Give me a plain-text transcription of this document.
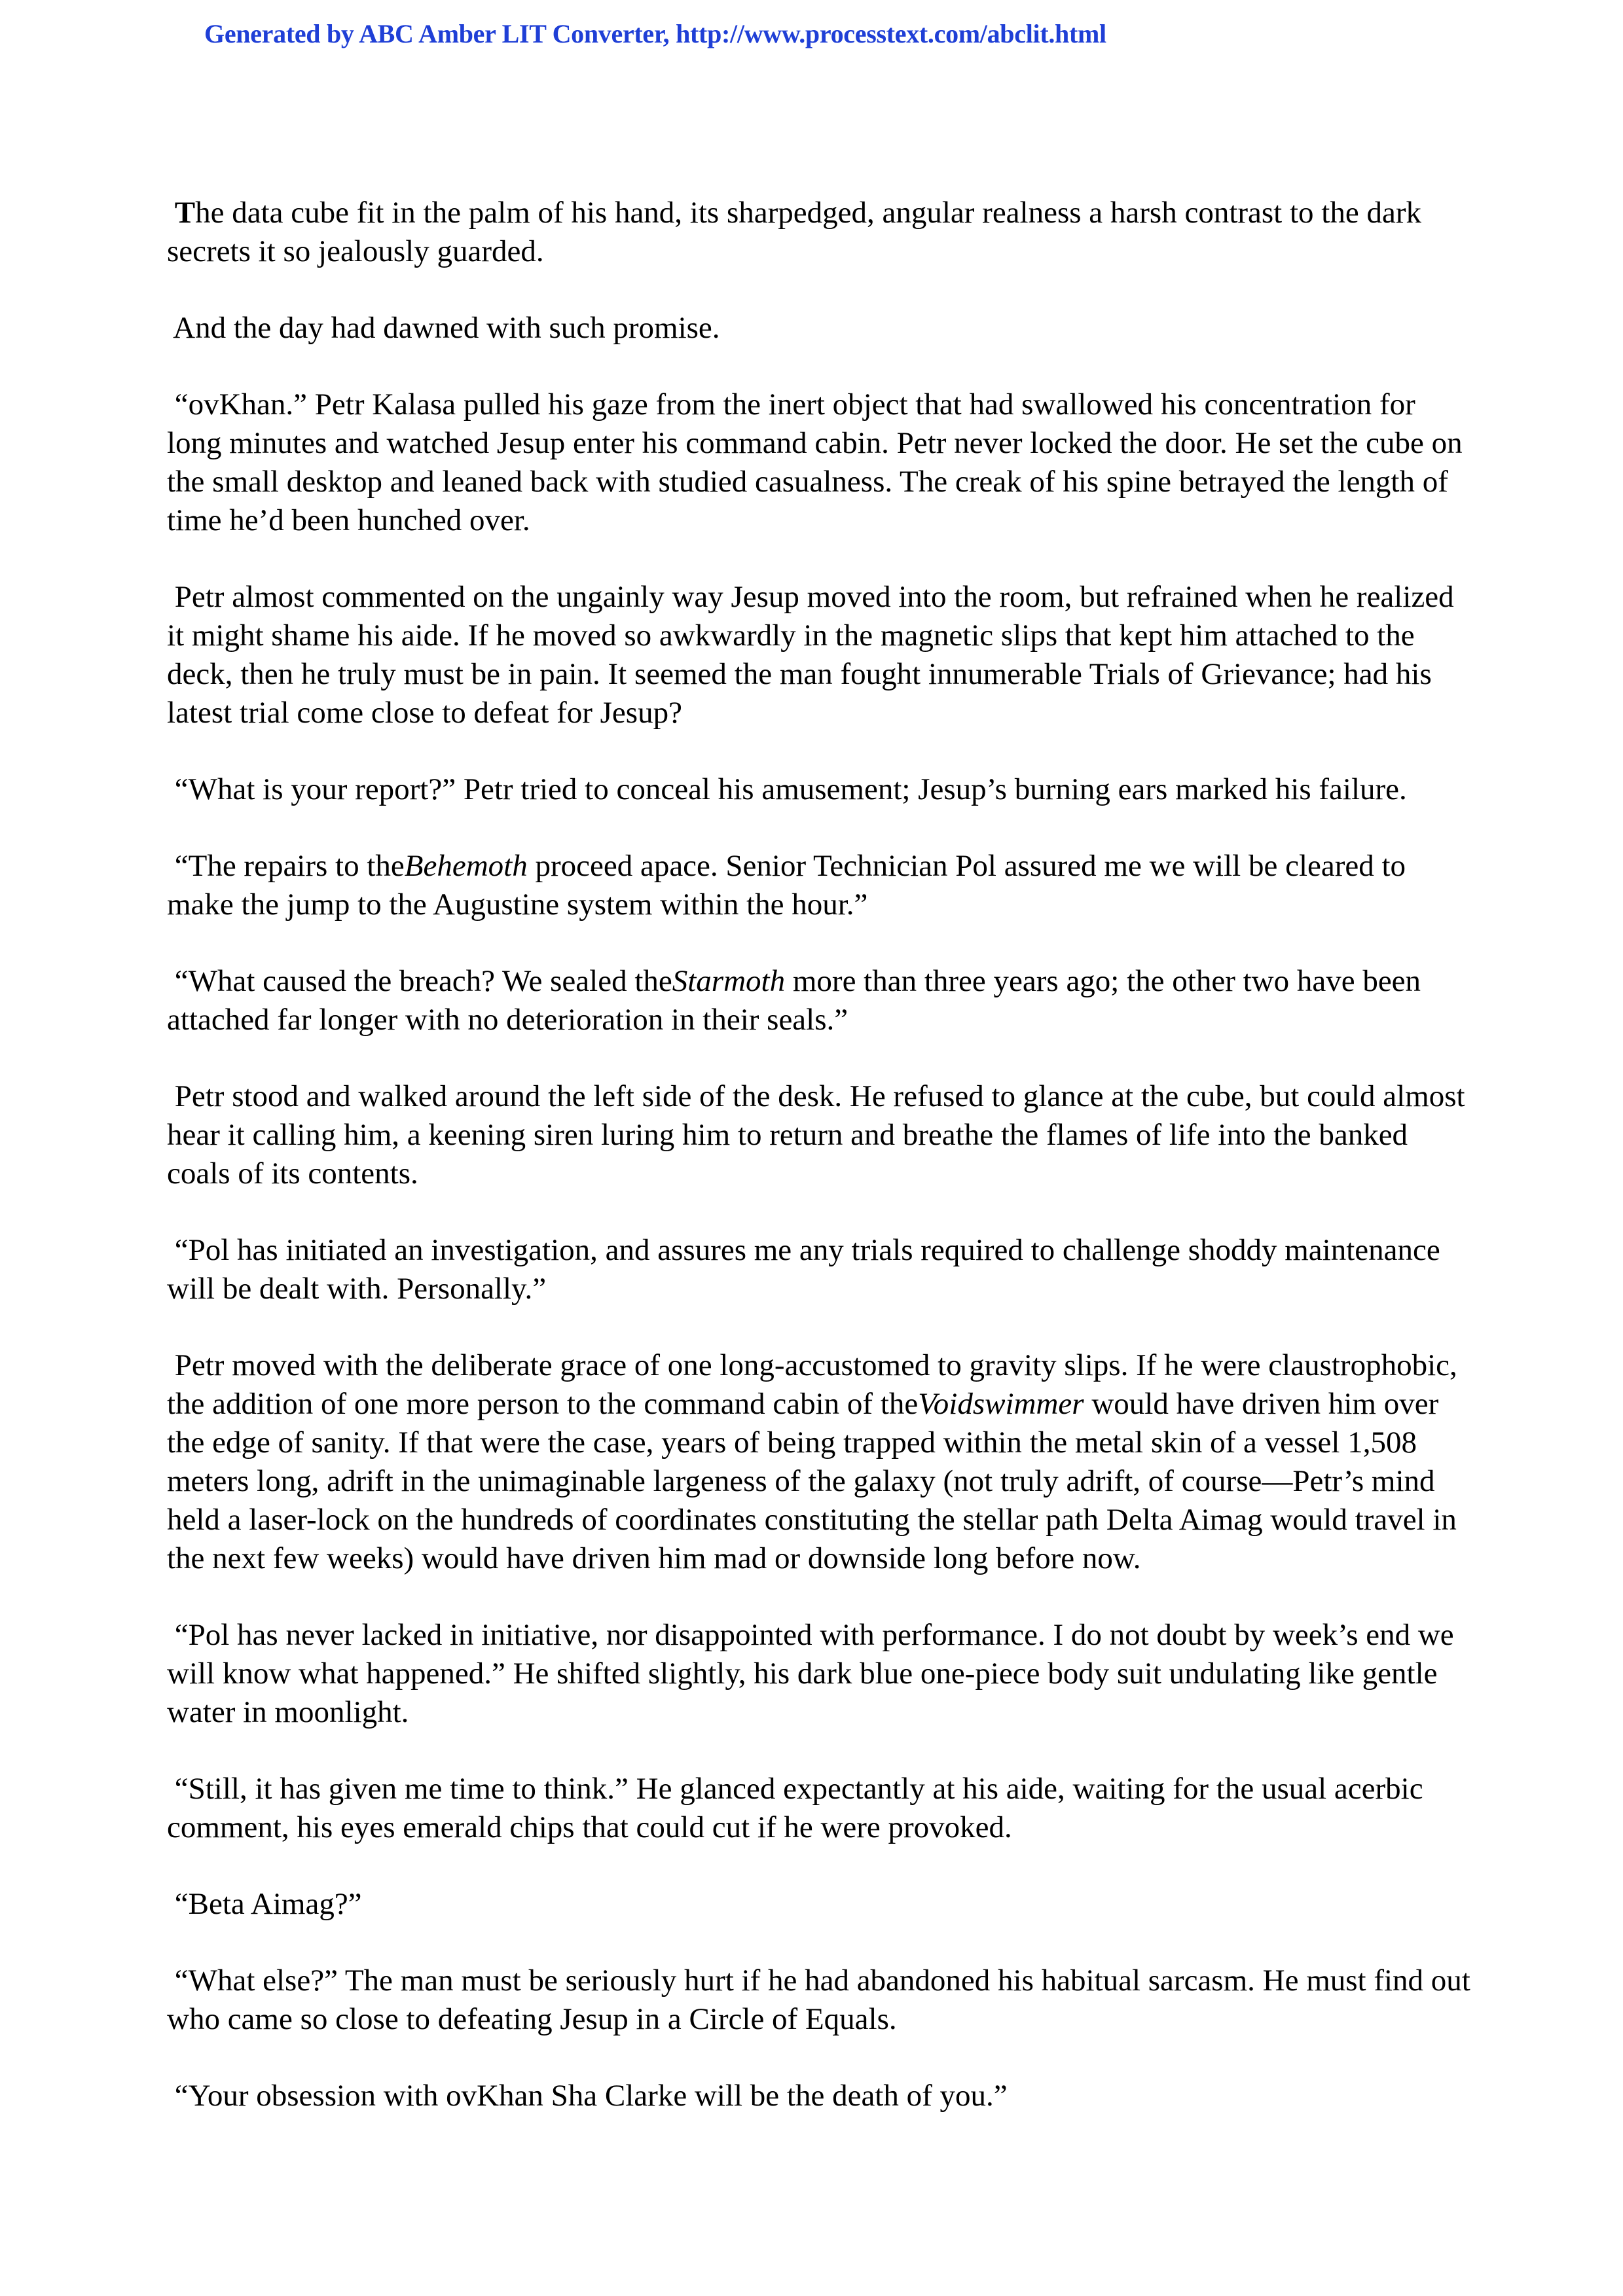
Generated by ABC Amber LIT Converter, http://www.processtext.com/abclit.html

The data cube fit in the palm of his hand, its sharpedged, angular realness a harsh contrast to the dark secrets it so jealously guarded.

And the day had dawned with such promise.

“ovKhan.” Petr Kalasa pulled his gaze from the inert object that had swallowed his concentration for long minutes and watched Jesup enter his command cabin. Petr never locked the door. He set the cube on the small desktop and leaned back with studied casualness. The creak of his spine betrayed the length of time he’d been hunched over.

Petr almost commented on the ungainly way Jesup moved into the room, but refrained when he realized it might shame his aide. If he moved so awkwardly in the magnetic slips that kept him attached to the deck, then he truly must be in pain. It seemed the man fought innumerable Trials of Grievance; had his latest trial come close to defeat for Jesup?

“What is your report?” Petr tried to conceal his amusement; Jesup’s burning ears marked his failure.

“The repairs to theBehemoth proceed apace. Senior Technician Pol assured me we will be cleared to make the jump to the Augustine system within the hour.”

“What caused the breach? We sealed theStarmoth more than three years ago; the other two have been attached far longer with no deterioration in their seals.”

Petr stood and walked around the left side of the desk. He refused to glance at the cube, but could almost hear it calling him, a keening siren luring him to return and breathe the flames of life into the banked coals of its contents.

“Pol has initiated an investigation, and assures me any trials required to challenge shoddy maintenance will be dealt with. Personally.”

Petr moved with the deliberate grace of one long-accustomed to gravity slips. If he were claustrophobic, the addition of one more person to the command cabin of theVoidswimmer would have driven him over the edge of sanity. If that were the case, years of being trapped within the metal skin of a vessel 1,508 meters long, adrift in the unimaginable largeness of the galaxy (not truly adrift, of course—Petr’s mind held a laser-lock on the hundreds of coordinates constituting the stellar path Delta Aimag would travel in the next few weeks) would have driven him mad or downside long before now.

“Pol has never lacked in initiative, nor disappointed with performance. I do not doubt by week’s end we will know what happened.” He shifted slightly, his dark blue one-piece body suit undulating like gentle water in moonlight.

“Still, it has given me time to think.” He glanced expectantly at his aide, waiting for the usual acerbic comment, his eyes emerald chips that could cut if he were provoked.

“Beta Aimag?”

“What else?” The man must be seriously hurt if he had abandoned his habitual sarcasm. He must find out who came so close to defeating Jesup in a Circle of Equals.

“Your obsession with ovKhan Sha Clarke will be the death of you.”
